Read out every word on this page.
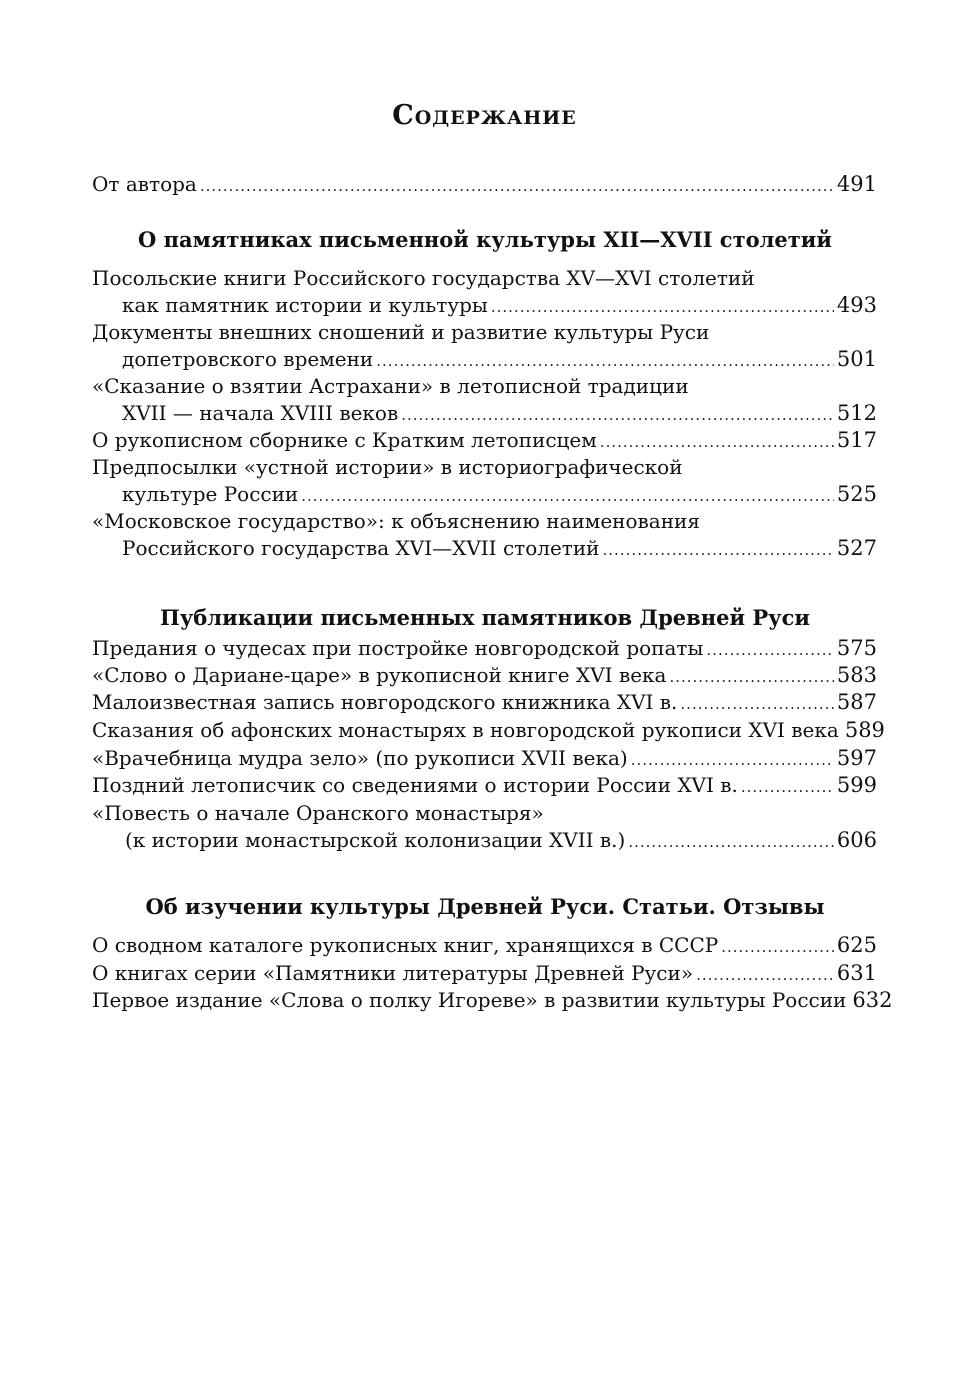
Содержание
От автора .....	491
О памятниках письменной культуры XII—XVII столетий
Посольские книги Российского государства XV—XVI столетий
как памятник истории и культуры .....	493
Документы внешних сношений и развитие культуры Руси
допетровского времени .....	501
«Сказание о взятии Астрахани» в летописной традиции
XVII — начала XVIII веков .....	512
О рукописном сборнике с Кратким летописцем .....	517
Предпосылки «устной истории» в историографической
культуре России .....	525
«Московское государство»: к объяснению наименования
Российского государства XVI—XVII столетий .....	527
Публикации письменных памятников Древней Руси
Предания о чудесах при постройке новгородской ропаты .....	575
«Слово о Дариане-царе» в рукописной книге XVI века .....	583
Малоизвестная запись новгородского книжника XVI в. .....	587
Сказания об афонских монастырях в новгородской рукописи XVI века 589
«Врачебница мудра зело» (по рукописи XVII века) .....	597
Поздний летописчик со сведениями о истории России XVI в. .....	599
«Повесть о начале Оранского монастыря»
(к истории монастырской колонизации XVII в.) .....	606
Об изучении культуры Древней Руси. Статьи. Отзывы
О сводном каталоге рукописных книг, хранящихся в СССР .....	625
О книгах серии «Памятники литературы Древней Руси» .....	631
Первое издание «Слова о полку Игореве» в развитии культуры России 632
